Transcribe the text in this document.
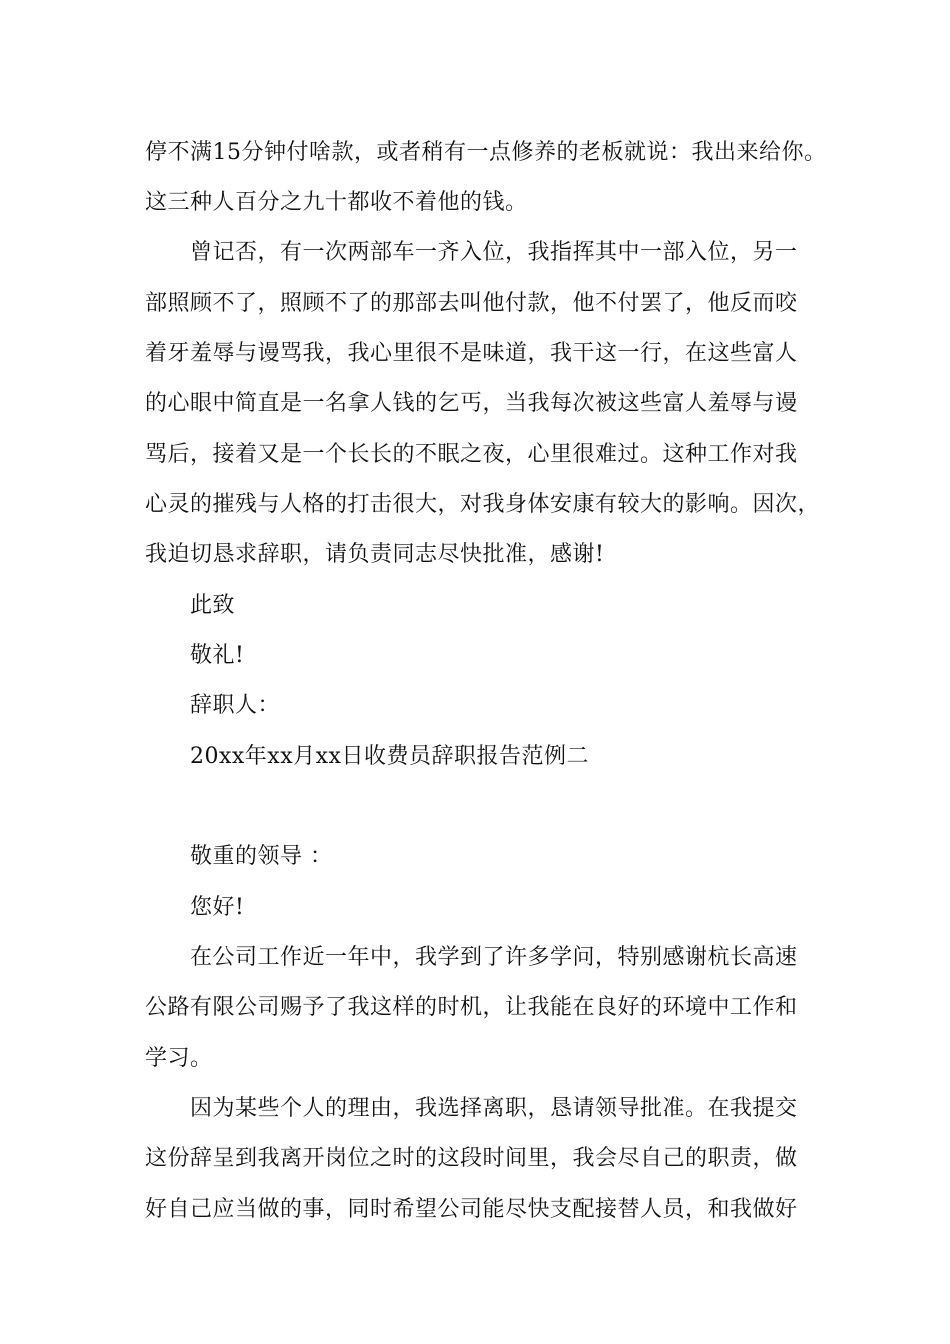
停不满15分钟付啥款，或者稍有一点修养的老板就说：我出来给你。
这三种人百分之九十都收不着他的钱。
曾记否，有一次两部车一齐入位，我指挥其中一部入位，另一
部照顾不了，照顾不了的那部去叫他付款，他不付罢了，他反而咬
着牙羞辱与谩骂我，我心里很不是味道，我干这一行，在这些富人
的心眼中简直是一名拿人钱的乞丐，当我每次被这些富人羞辱与谩
骂后，接着又是一个长长的不眠之夜，心里很难过。这种工作对我
心灵的摧残与人格的打击很大，对我身体安康有较大的影响。因次，
我迫切恳求辞职，请负责同志尽快批准，感谢!
此致
敬礼!
辞职人：
20xx年xx月xx日收费员辞职报告范例二
敬重的领导 ：
您好!
在公司工作近一年中，我学到了许多学问，特别感谢杭长高速
公路有限公司赐予了我这样的时机，让我能在良好的环境中工作和
学习。
因为某些个人的理由，我选择离职，恳请领导批准。在我提交
这份辞呈到我离开岗位之时的这段时间里，我会尽自己的职责，做
好自己应当做的事，同时希望公司能尽快支配接替人员，和我做好
